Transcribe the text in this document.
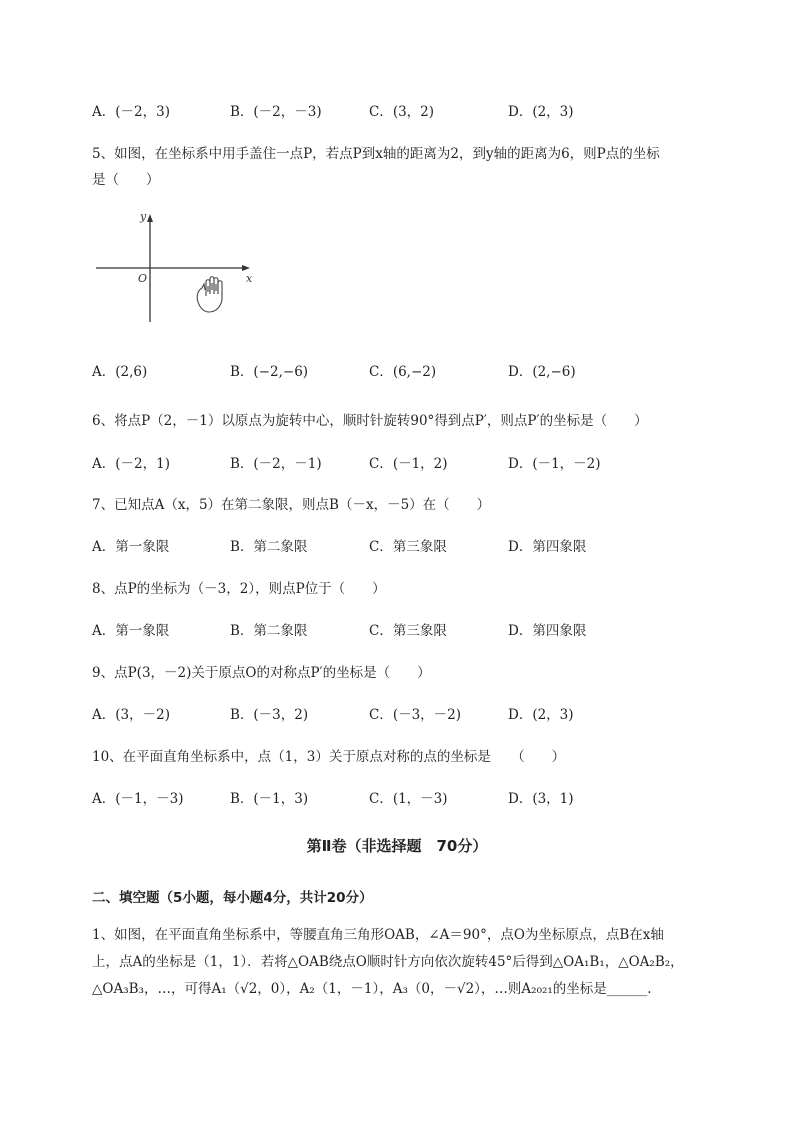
A．(－2，3)	B．(－2，－3)	C．(3，2)	D．(2，3)
5、如图，在坐标系中用手盖住一点P，若点P到x轴的距离为2，到y轴的距离为6，则P点的坐标
是（　　）
y
x
O
A．(2,6)	B．(−2,−6)	C．(6,−2)	D．(2,−6)
6、将点P（2，－1）以原点为旋转中心，顺时针旋转90°得到点P′，则点P′的坐标是（　　）
A．(－2，1)	B．(－2，－1)	C．(－1，2)	D．(－1，－2)
7、已知点A（x，5）在第二象限，则点B（－x，－5）在（　　）
A．第一象限	B．第二象限	C．第三象限	D．第四象限
8、点P的坐标为（－3，2），则点P位于（　　）
A．第一象限	B．第二象限	C．第三象限	D．第四象限
9、点P(3，－2)关于原点O的对称点P′的坐标是（　　）
A．(3，－2)	B．(－3，2)	C．(－3，－2)	D．(2，3)
10、在平面直角坐标系中，点（1，3）关于原点对称的点的坐标是　　（　　）
A．(－1，－3)	B．(－1，3)	C．(1，－3)	D．(3，1)
第Ⅱ卷（非选择题　70分）
二、填空题（5小题，每小题4分，共计20分）
1、如图，在平面直角坐标系中，等腰直角三角形OAB，∠A＝90°，点O为坐标原点，点B在x轴
上，点A的坐标是（1，1）．若将△OAB绕点O顺时针方向依次旋转45°后得到△OA₁B₁，△OA₂B₂，
△OA₃B₃，…，可得A₁（√2，0），A₂（1，－1），A₃（0，－√2），…则A₂₀₂₁的坐标是______.
